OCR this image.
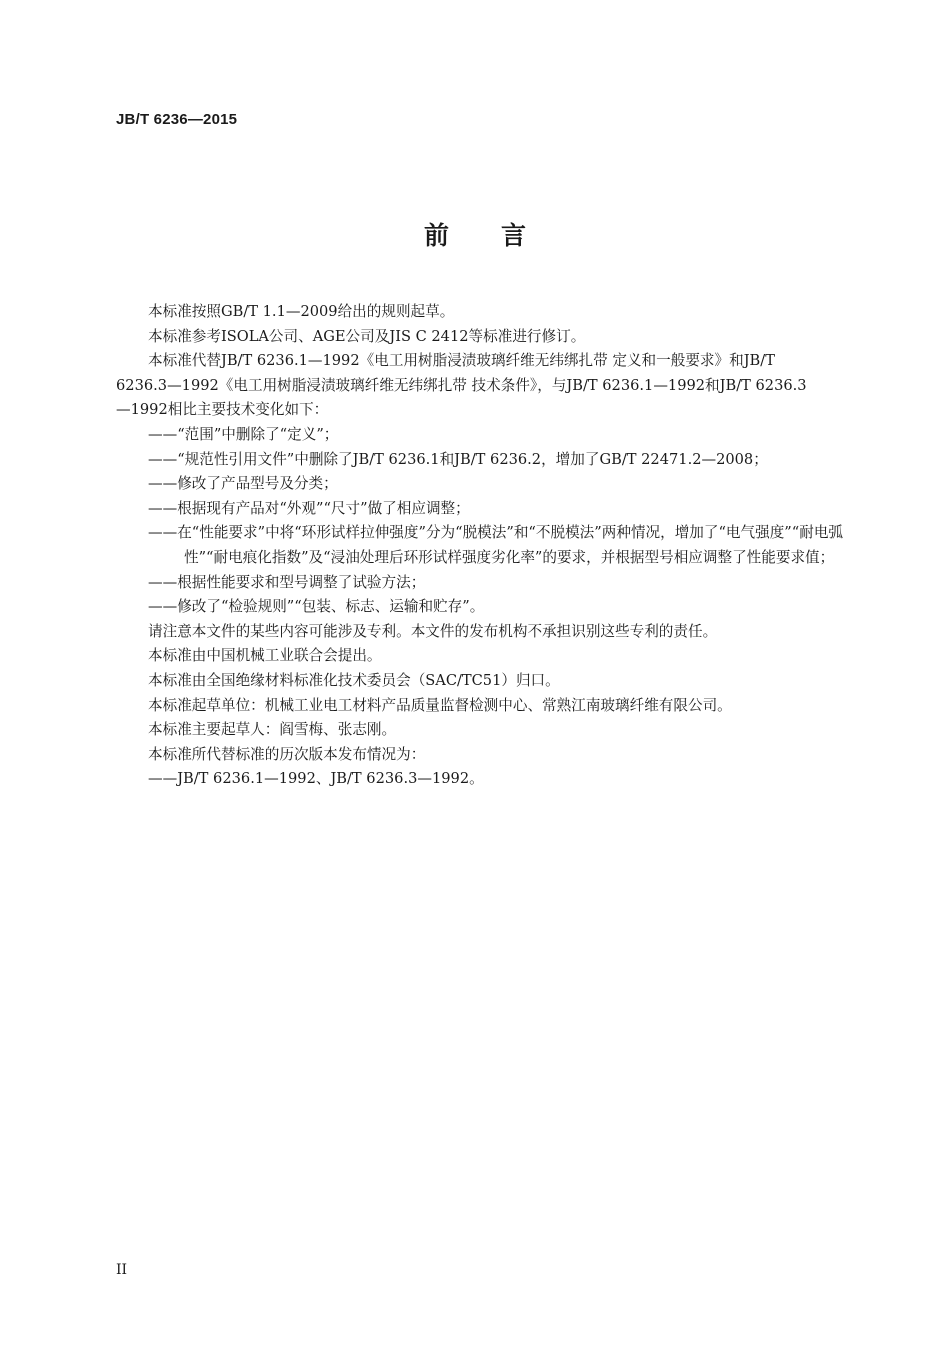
JB/T 6236—2015
前言

本标准按照GB/T 1.1—2009给出的规则起草。

本标准参考ISOLA公司、AGE公司及JIS C 2412等标准进行修订。

本标准代替JB/T 6236.1—1992《电工用树脂浸渍玻璃纤维无纬绑扎带 定义和一般要求》和JB/T

6236.3—1992《电工用树脂浸渍玻璃纤维无纬绑扎带 技术条件》，与JB/T 6236.1—1992和JB/T 6236.3

—1992相比主要技术变化如下：

——“范围”中删除了“定义”；

——“规范性引用文件”中删除了JB/T 6236.1和JB/T 6236.2，增加了GB/T 22471.2—2008；

——修改了产品型号及分类；

——根据现有产品对“外观”“尺寸”做了相应调整；

——在“性能要求”中将“环形试样拉伸强度”分为“脱模法”和“不脱模法”两种情况，增加了“电气强度”“耐电弧性”“耐电痕化指数”及“浸油处理后环形试样强度劣化率”的要求，并根据型号相应调整了性能要求值；

——根据性能要求和型号调整了试验方法；

——修改了“检验规则”“包装、标志、运输和贮存”。

请注意本文件的某些内容可能涉及专利。本文件的发布机构不承担识别这些专利的责任。

本标准由中国机械工业联合会提出。

本标准由全国绝缘材料标准化技术委员会（SAC/TC51）归口。

本标准起草单位：机械工业电工材料产品质量监督检测中心、常熟江南玻璃纤维有限公司。

本标准主要起草人：阎雪梅、张志刚。

本标准所代替标准的历次版本发布情况为：

——JB/T 6236.1—1992、JB/T 6236.3—1992。

II
